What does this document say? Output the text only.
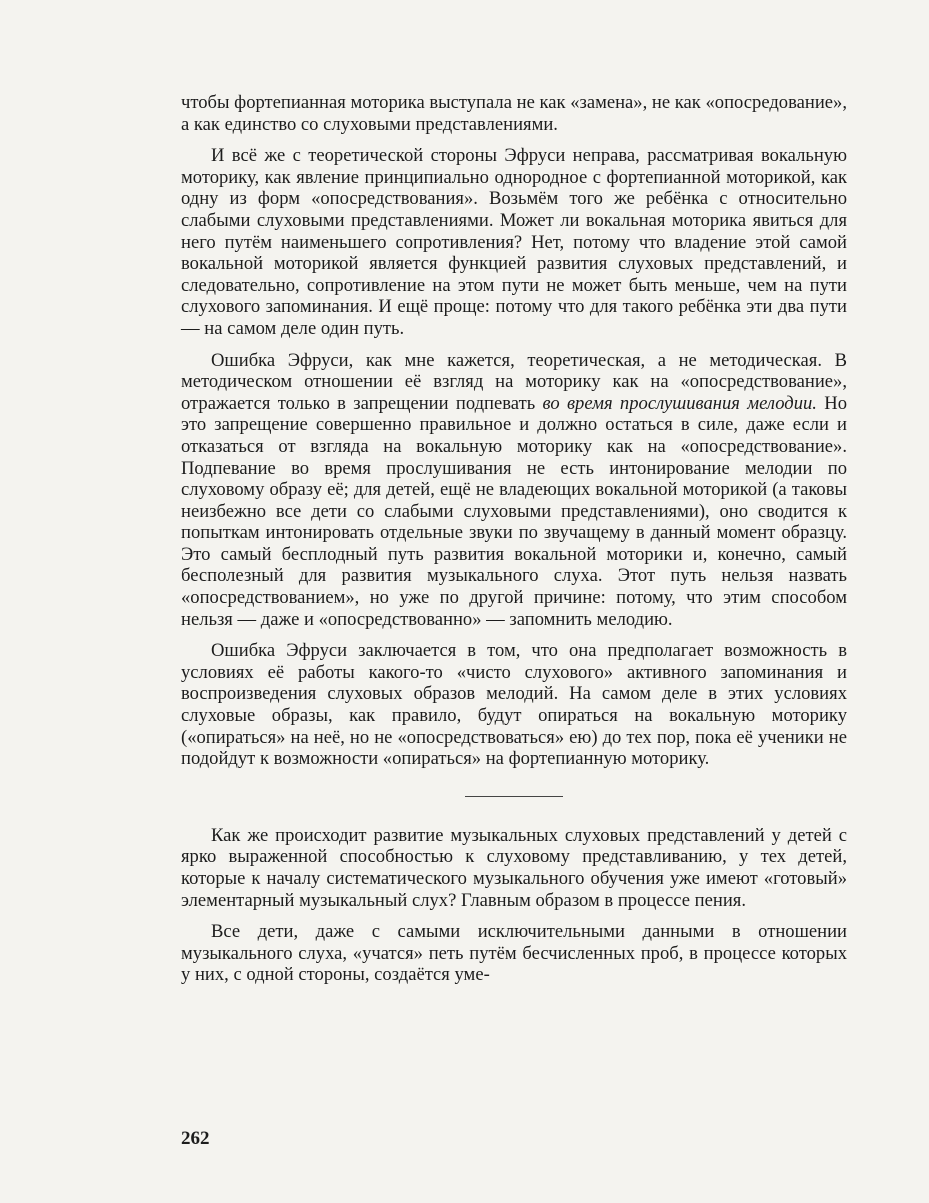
чтобы фортепианная моторика выступала не как «замена», не как «опосредование», а как единство со слуховыми представлениями.

И всё же с теоретической стороны Эфруси неправа, рассматривая вокальную моторику, как явление принципиально однородное с фортепианной моторикой, как одну из форм «опосредствования». Возьмём того же ребёнка с относительно слабыми слуховыми представлениями. Может ли вокальная моторика явиться для него путём наименьшего сопротивления? Нет, потому что владение этой самой вокальной моторикой является функцией развития слуховых представлений, и следовательно, сопротивление на этом пути не может быть меньше, чем на пути слухового запоминания. И ещё проще: потому что для такого ребёнка эти два пути — на самом деле один путь.

Ошибка Эфруси, как мне кажется, теоретическая, а не методическая. В методическом отношении её взгляд на моторику как на «опосредствование», отражается только в запрещении подпевать во время прослушивания мелодии. Но это запрещение совершенно правильное и должно остаться в силе, даже если и отказаться от взгляда на вокальную моторику как на «опосредствование». Подпевание во время прослушивания не есть интонирование мелодии по слуховому образу её; для детей, ещё не владеющих вокальной моторикой (а таковы неизбежно все дети со слабыми слуховыми представлениями), оно сводится к попыткам интонировать отдельные звуки по звучащему в данный момент образцу. Это самый бесплодный путь развития вокальной моторики и, конечно, самый бесполезный для развития музыкального слуха. Этот путь нельзя назвать «опосредствованием», но уже по другой причине: потому, что этим способом нельзя — даже и «опосредствованно» — запомнить мелодию.

Ошибка Эфруси заключается в том, что она предполагает возможность в условиях её работы какого-то «чисто слухового» активного запоминания и воспроизведения слуховых образов мелодий. На самом деле в этих условиях слуховые образы, как правило, будут опираться на вокальную моторику («опираться» на неё, но не «опосредствоваться» ею) до тех пор, пока её ученики не подойдут к возможности «опираться» на фортепианную моторику.

Как же происходит развитие музыкальных слуховых представлений у детей с ярко выраженной способностью к слуховому представливанию, у тех детей, которые к началу систематического музыкального обучения уже имеют «готовый» элементарный музыкальный слух? Главным образом в процессе пения.

Все дети, даже с самыми исключительными данными в отношении музыкального слуха, «учатся» петь путём бесчисленных проб, в процессе которых у них, с одной стороны, создаётся уме-

262
